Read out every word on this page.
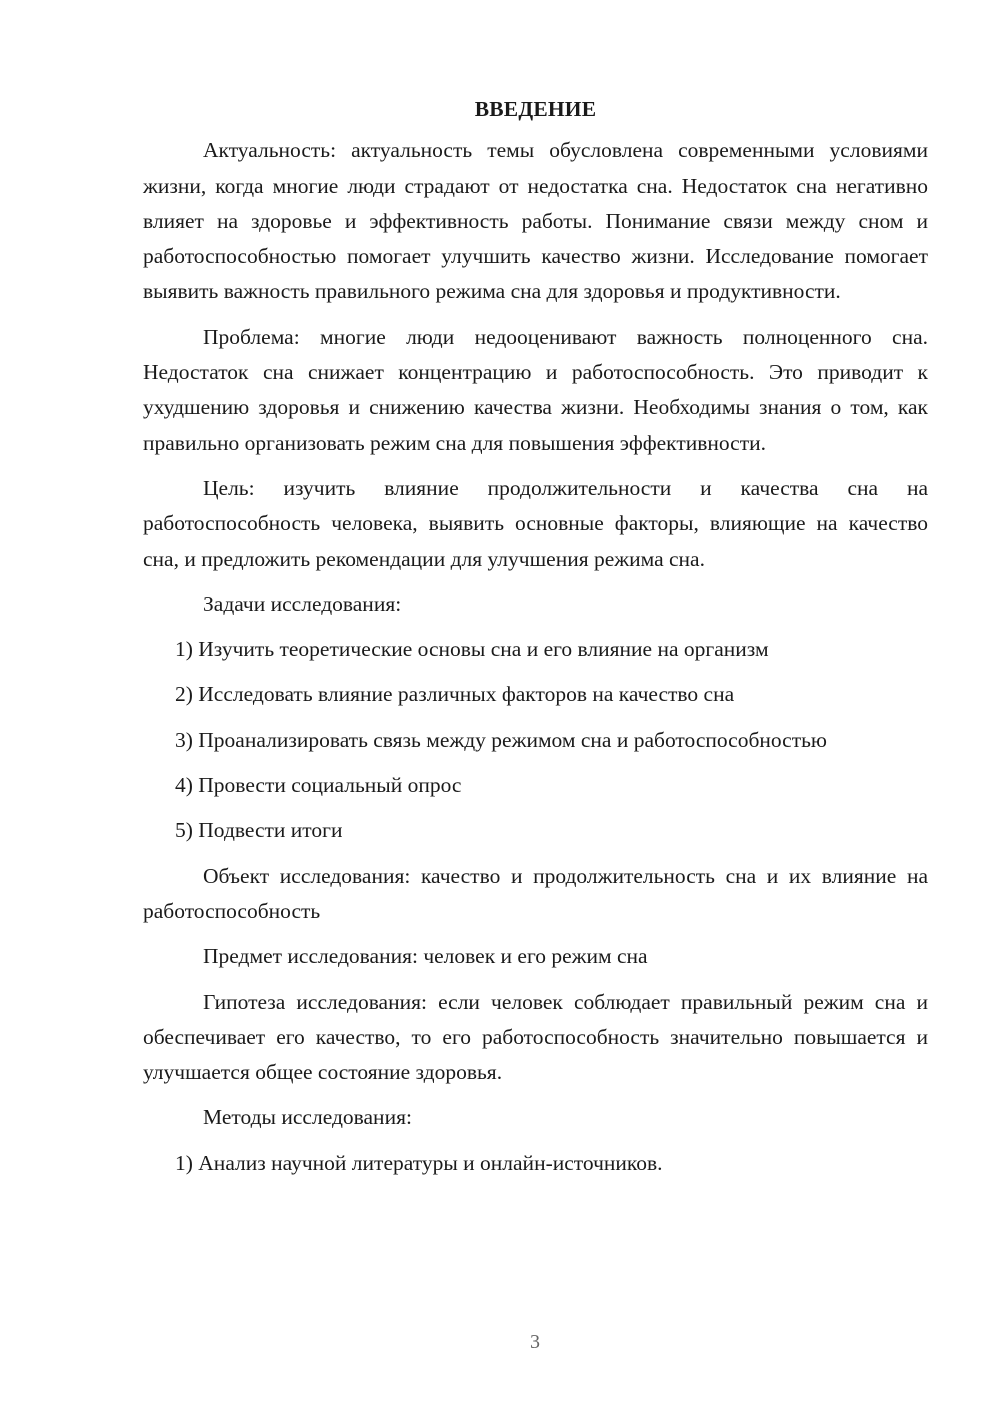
ВВЕДЕНИЕ

Актуальность: актуальность темы обусловлена современными условиями жизни, когда многие люди страдают от недостатка сна. Недостаток сна негативно влияет на здоровье и эффективность работы. Понимание связи между сном и работоспособностью помогает улучшить качество жизни. Исследование помогает выявить важность правильного режима сна для здоровья и продуктивности.

Проблема: многие люди недооценивают важность полноценного сна. Недостаток сна снижает концентрацию и работоспособность. Это приводит к ухудшению здоровья и снижению качества жизни. Необходимы знания о том, как правильно организовать режим сна для повышения эффективности.

Цель: изучить влияние продолжительности и качества сна на работоспособность человека, выявить основные факторы, влияющие на качество сна, и предложить рекомендации для улучшения режима сна.

Задачи исследования:

1) Изучить теоретические основы сна и его влияние на организм

2) Исследовать влияние различных факторов на качество сна

3) Проанализировать связь между режимом сна и работоспособностью

4) Провести социальный опрос

5) Подвести итоги

Объект исследования: качество и продолжительность сна и их влияние на работоспособность

Предмет исследования: человек и его режим сна

Гипотеза исследования: если человек соблюдает правильный режим сна и обеспечивает его качество, то его работоспособность значительно повышается и улучшается общее состояние здоровья.

Методы исследования:

1) Анализ научной литературы и онлайн-источников.

3
